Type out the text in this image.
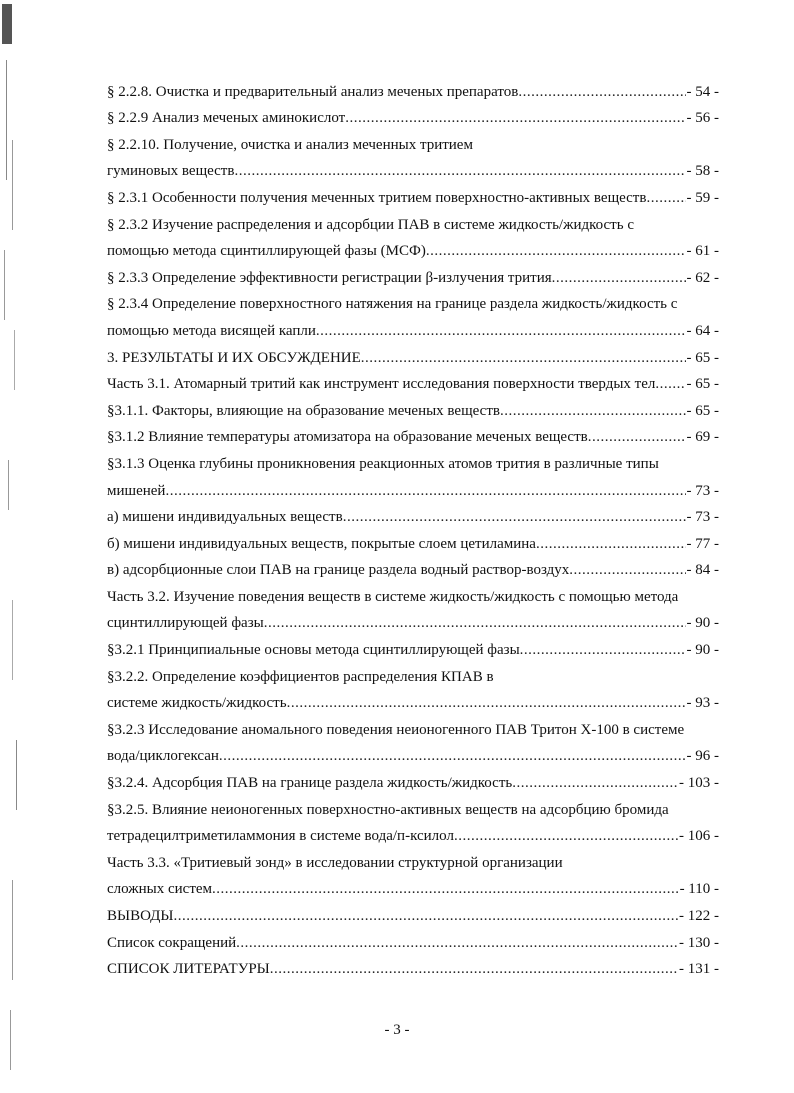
§ 2.2.8. Очистка и предварительный анализ меченых препаратов .....	- 54 -
§ 2.2.9 Анализ меченых аминокислот .....	- 56 -
§ 2.2.10. Получение, очистка и анализ меченных тритием
гуминовых веществ .....	- 58 -
§ 2.3.1 Особенности получения меченных тритием поверхностно-активных веществ .....	- 59 -
§ 2.3.2 Изучение распределения и адсорбции ПАВ в системе жидкость/жидкость с
помощью метода сцинтиллирующей фазы (МСФ) .....	- 61 -
§ 2.3.3 Определение эффективности регистрации β-излучения трития .....	- 62 -
§ 2.3.4 Определение поверхностного натяжения на границе раздела жидкость/жидкость с
помощью метода висящей капли .....	- 64 -
3. РЕЗУЛЬТАТЫ И ИХ ОБСУЖДЕНИЕ .....	- 65 -
Часть 3.1. Атомарный тритий как инструмент исследования поверхности твердых тел ..... - 65 -
§3.1.1. Факторы, влияющие на образование меченых веществ .....	- 65 -
§3.1.2 Влияние температуры атомизатора на образование меченых веществ .....	- 69 -
§3.1.3 Оценка глубины проникновения реакционных атомов трития в различные типы
мишеней .....	- 73 -
а) мишени индивидуальных веществ .....	- 73 -
б) мишени индивидуальных веществ, покрытые слоем цетиламина .....	- 77 -
в) адсорбционные слои ПАВ на границе раздела водный раствор-воздух .....	- 84 -
Часть 3.2. Изучение поведения веществ в системе жидкость/жидкость с помощью метода
сцинтиллирующей фазы .....	- 90 -
§3.2.1 Принципиальные основы метода сцинтиллирующей фазы .....	- 90 -
§3.2.2. Определение коэффициентов распределения КПАВ в
системе жидкость/жидкость .....	- 93 -
§3.2.3 Исследование аномального поведения неионогенного ПАВ Тритон Х-100 в системе
вода/циклогексан .....	- 96 -
§3.2.4. Адсорбция ПАВ на границе раздела жидкость/жидкость .....	- 103 -
§3.2.5. Влияние неионогенных поверхностно-активных веществ на адсорбцию бромида
тетрадецилтриметиламмония в системе вода/п-ксилол .....	- 106 -
Часть 3.3. «Тритиевый зонд» в исследовании структурной организации
сложных систем .....	- 110 -
ВЫВОДЫ .....	- 122 -
Список сокращений .....	- 130 -
СПИСОК ЛИТЕРАТУРЫ .....	- 131 -
- 3 -
